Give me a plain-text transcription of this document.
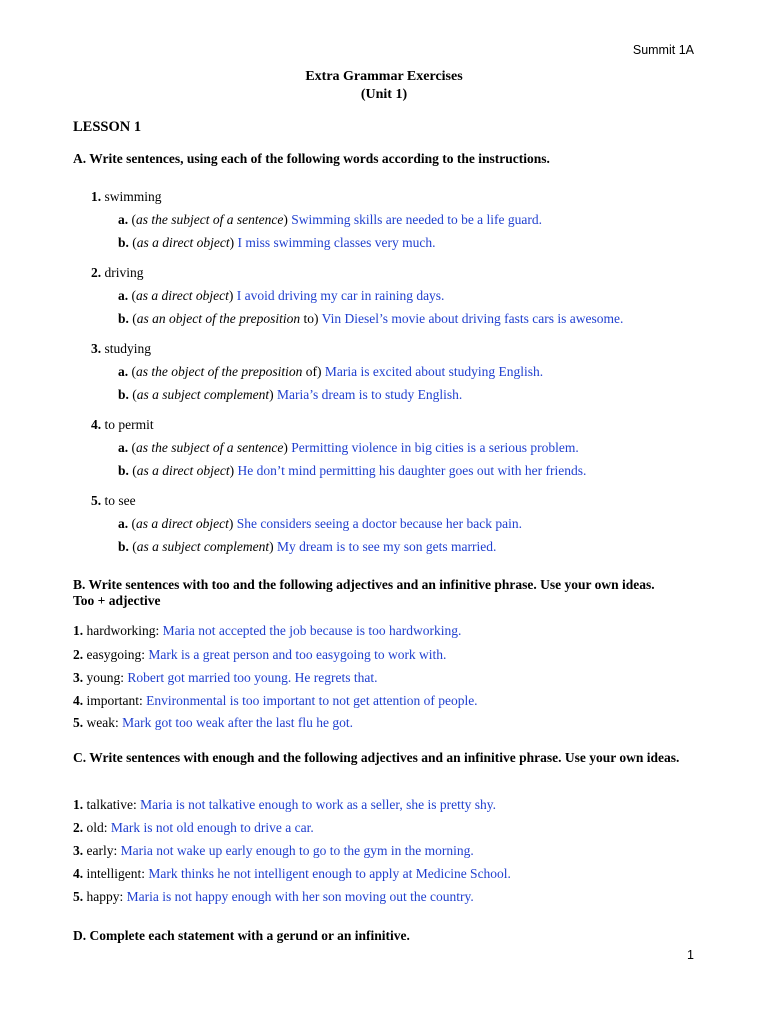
Summit 1A
Extra Grammar Exercises
(Unit 1)
LESSON 1
A. Write sentences, using each of the following words according to the instructions.
1. swimming
a. (as the subject of a sentence) Swimming skills are needed to be a life guard.
b. (as a direct object) I miss swimming classes very much.
2. driving
a. (as a direct object) I avoid driving my car in raining days.
b. (as an object of the preposition to) Vin Diesel’s movie about driving fasts cars is awesome.
3. studying
a. (as the object of the preposition of) Maria is excited about studying English.
b. (as a subject complement) Maria’s dream is to study English.
4. to permit
a. (as the subject of a sentence) Permitting violence in big cities is a serious problem.
b. (as a direct object) He don’t mind permitting his daughter goes out with her friends.
5. to see
a. (as a direct object) She considers seeing a doctor because her back pain.
b. (as a subject complement) My dream is to see my son gets married.
B. Write sentences with too and the following adjectives and an infinitive phrase. Use your own ideas.
Too + adjective
1. hardworking: Maria not accepted the job because is too hardworking.
2. easygoing: Mark is a great person and too easygoing to work with.
3. young: Robert got married too young. He regrets that.
4. important: Environmental is too important to not get attention of people.
5. weak: Mark got too weak after the last flu he got.
C. Write sentences with enough and the following adjectives and an infinitive phrase. Use your own ideas.
1. talkative: Maria is not talkative enough to work as a seller, she is pretty shy.
2. old: Mark is not old enough to drive a car.
3. early: Maria not wake up early enough to go to the gym in the morning.
4. intelligent: Mark thinks he not intelligent enough to apply at Medicine School.
5. happy: Maria is not happy enough with her son moving out the country.
D. Complete each statement with a gerund or an infinitive.
1
